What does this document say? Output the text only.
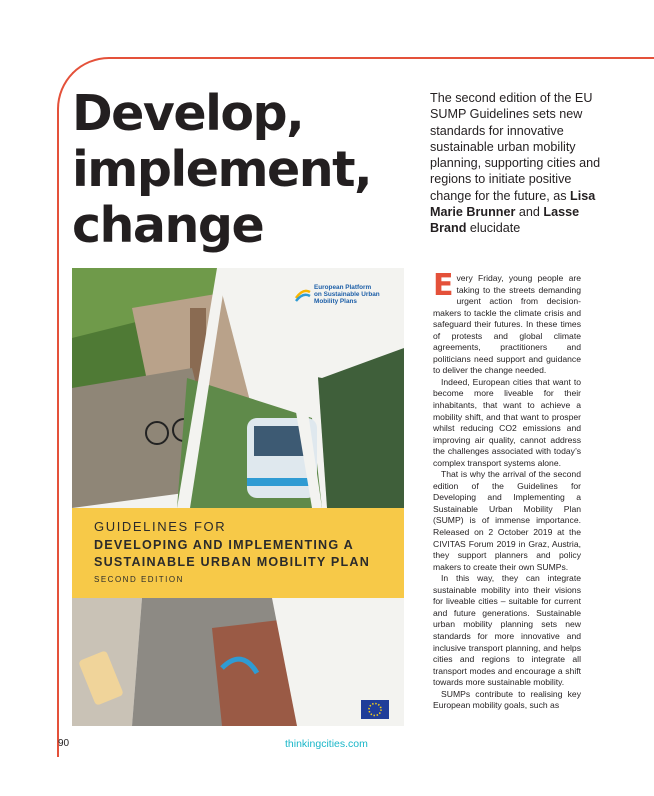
Develop,
implement,
change
The second edition of the EU SUMP Guidelines sets new standards for innovative sustainable urban mobility planning, supporting cities and regions to initiate positive change for the future, as Lisa Marie Brunner and Lasse Brand elucidate
European Platform
on Sustainable Urban
Mobility Plans
GUIDELINES FOR
DEVELOPING AND IMPLEMENTING A
SUSTAINABLE URBAN MOBILITY PLAN
SECOND EDITION

Every Friday, young people are taking to the streets demanding urgent action from decision-makers to tackle the climate crisis and safeguard their futures. In these times of protests and global climate agreements, practitioners and politicians need support and guidance to deliver the change needed.

Indeed, European cities that want to become more liveable for their inhabitants, that want to achieve a mobility shift, and that want to prosper whilst reducing CO2 emissions and improving air quality, cannot address the challenges associated with today’s complex transport systems alone.

That is why the arrival of the second edition of the Guidelines for Developing and Implementing a Sustainable Urban Mobility Plan (SUMP) is of immense importance. Released on 2 October 2019 at the CIVITAS Forum 2019 in Graz, Austria, they support planners and policy makers to create their own SUMPs.

In this way, they can integrate sustainable mobility into their visions for liveable cities – suitable for current and future generations. Sustainable urban mobility planning sets new standards for more innovative and inclusive transport planning, and helps cities and regions to integrate all transport modes and encourage a shift towards more sustainable mobility.

SUMPs contribute to realising key European mobility goals, such as

90	thinkingcities.com
